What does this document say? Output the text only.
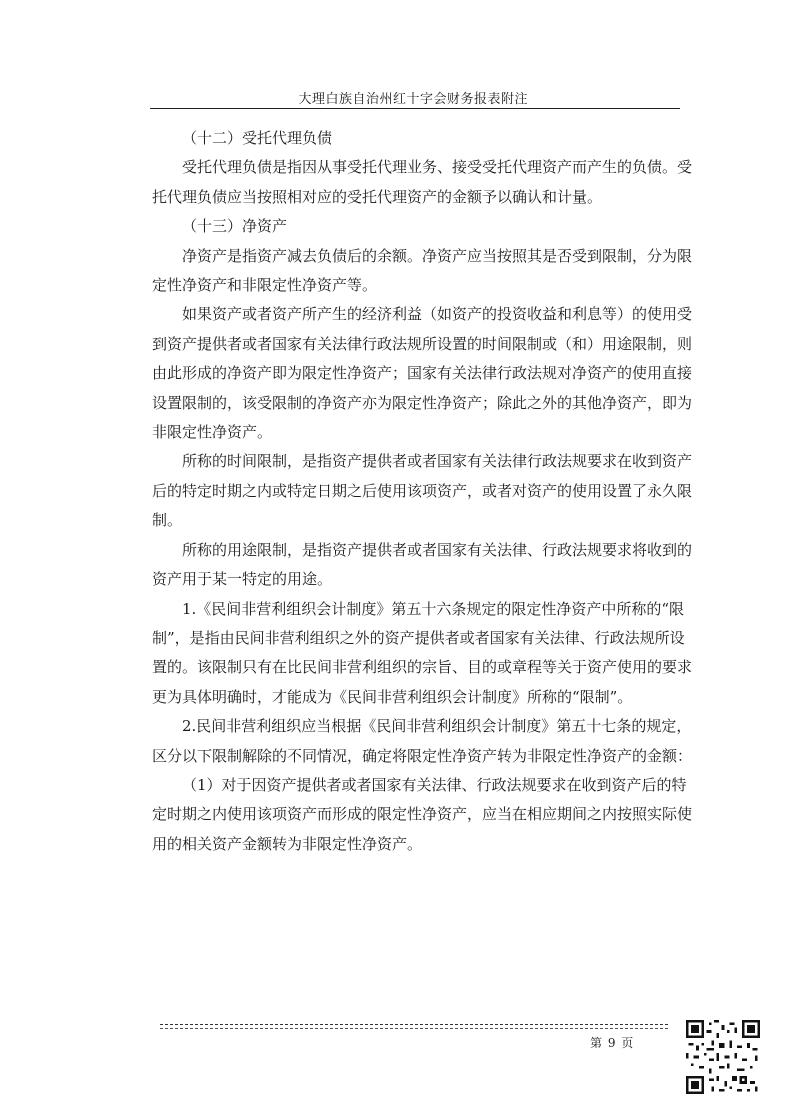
大理白族自治州红十字会财务报表附注

（十二）受托代理负债

受托代理负债是指因从事受托代理业务、接受受托代理资产而产生的负债。受托代理负债应当按照相对应的受托代理资产的金额予以确认和计量。

（十三）净资产

净资产是指资产减去负债后的余额。净资产应当按照其是否受到限制，分为限定性净资产和非限定性净资产等。

如果资产或者资产所产生的经济利益（如资产的投资收益和利息等）的使用受到资产提供者或者国家有关法律行政法规所设置的时间限制或（和）用途限制，则由此形成的净资产即为限定性净资产；国家有关法律行政法规对净资产的使用直接设置限制的，该受限制的净资产亦为限定性净资产；除此之外的其他净资产，即为非限定性净资产。

所称的时间限制，是指资产提供者或者国家有关法律行政法规要求在收到资产后的特定时期之内或特定日期之后使用该项资产，或者对资产的使用设置了永久限制。

所称的用途限制，是指资产提供者或者国家有关法律、行政法规要求将收到的资产用于某一特定的用途。

1.《民间非营利组织会计制度》第五十六条规定的限定性净资产中所称的“限制”，是指由民间非营利组织之外的资产提供者或者国家有关法律、行政法规所设置的。该限制只有在比民间非营利组织的宗旨、目的或章程等关于资产使用的要求更为具体明确时，才能成为《民间非营利组织会计制度》所称的“限制”。

2.民间非营利组织应当根据《民间非营利组织会计制度》第五十七条的规定，区分以下限制解除的不同情况，确定将限定性净资产转为非限定性净资产的金额：

（1）对于因资产提供者或者国家有关法律、行政法规要求在收到资产后的特定时期之内使用该项资产而形成的限定性净资产，应当在相应期间之内按照实际使用的相关资产金额转为非限定性净资产。

第 9 页
